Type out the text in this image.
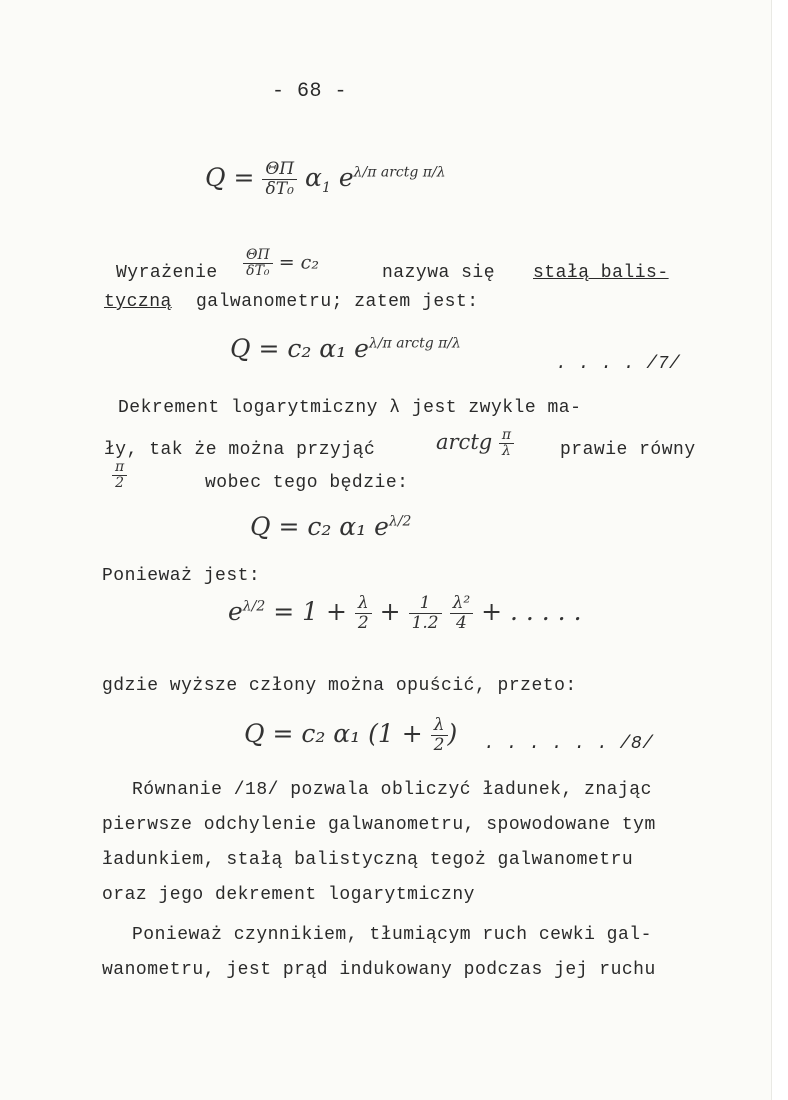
- 68 -
$Q = \frac{\Theta\Pi}{\text{δT₀}} \alpha_1$ $e^{\lambda/\pi arctg \pi/\lambda}$
Wyrażenie $\frac{\Theta\Pi}{\text{δT₀}} = c_2$	nazywa się stałą balis-
tyczną galwanometru; zatem jest:
Q = c₂ α₁ $e^{\lambda/\pi arctg \pi/\lambda}$
. . . . /7/
Dekrement logarytmiczny λ jest zwykle ma-
ły, tak że można przyjąć	arctg $\frac{\pi}{\lambda}$	prawie równy
$\frac{\pi}{2}$	wobec tego będzie:
Q = c₂ α₁ $e^{\lambda/2}$
Ponieważ jest:
$e^{\lambda/2} = 1 + \frac{\lambda}{2} + \frac{1}{1.2}$
$\frac{\text{λ²}}{4}$ + . . . . .
gdzie wyższe człony można opuścić, przeto:
Q = c₂ α₁ ($1 + \frac{\lambda}{2}$ ) . . . . . . /8/
Równanie /18/ pozwala obliczyć ładunek, znając
pierwsze odchylenie galwanometru, spowodowane tym
ładunkiem, stałą balistyczną tegoż galwanometru
oraz jego dekrement logarytmiczny
Ponieważ czynnikiem, tłumiącym ruch cewki gal-
wanometru, jest prąd indukowany podczas jej ruchu
